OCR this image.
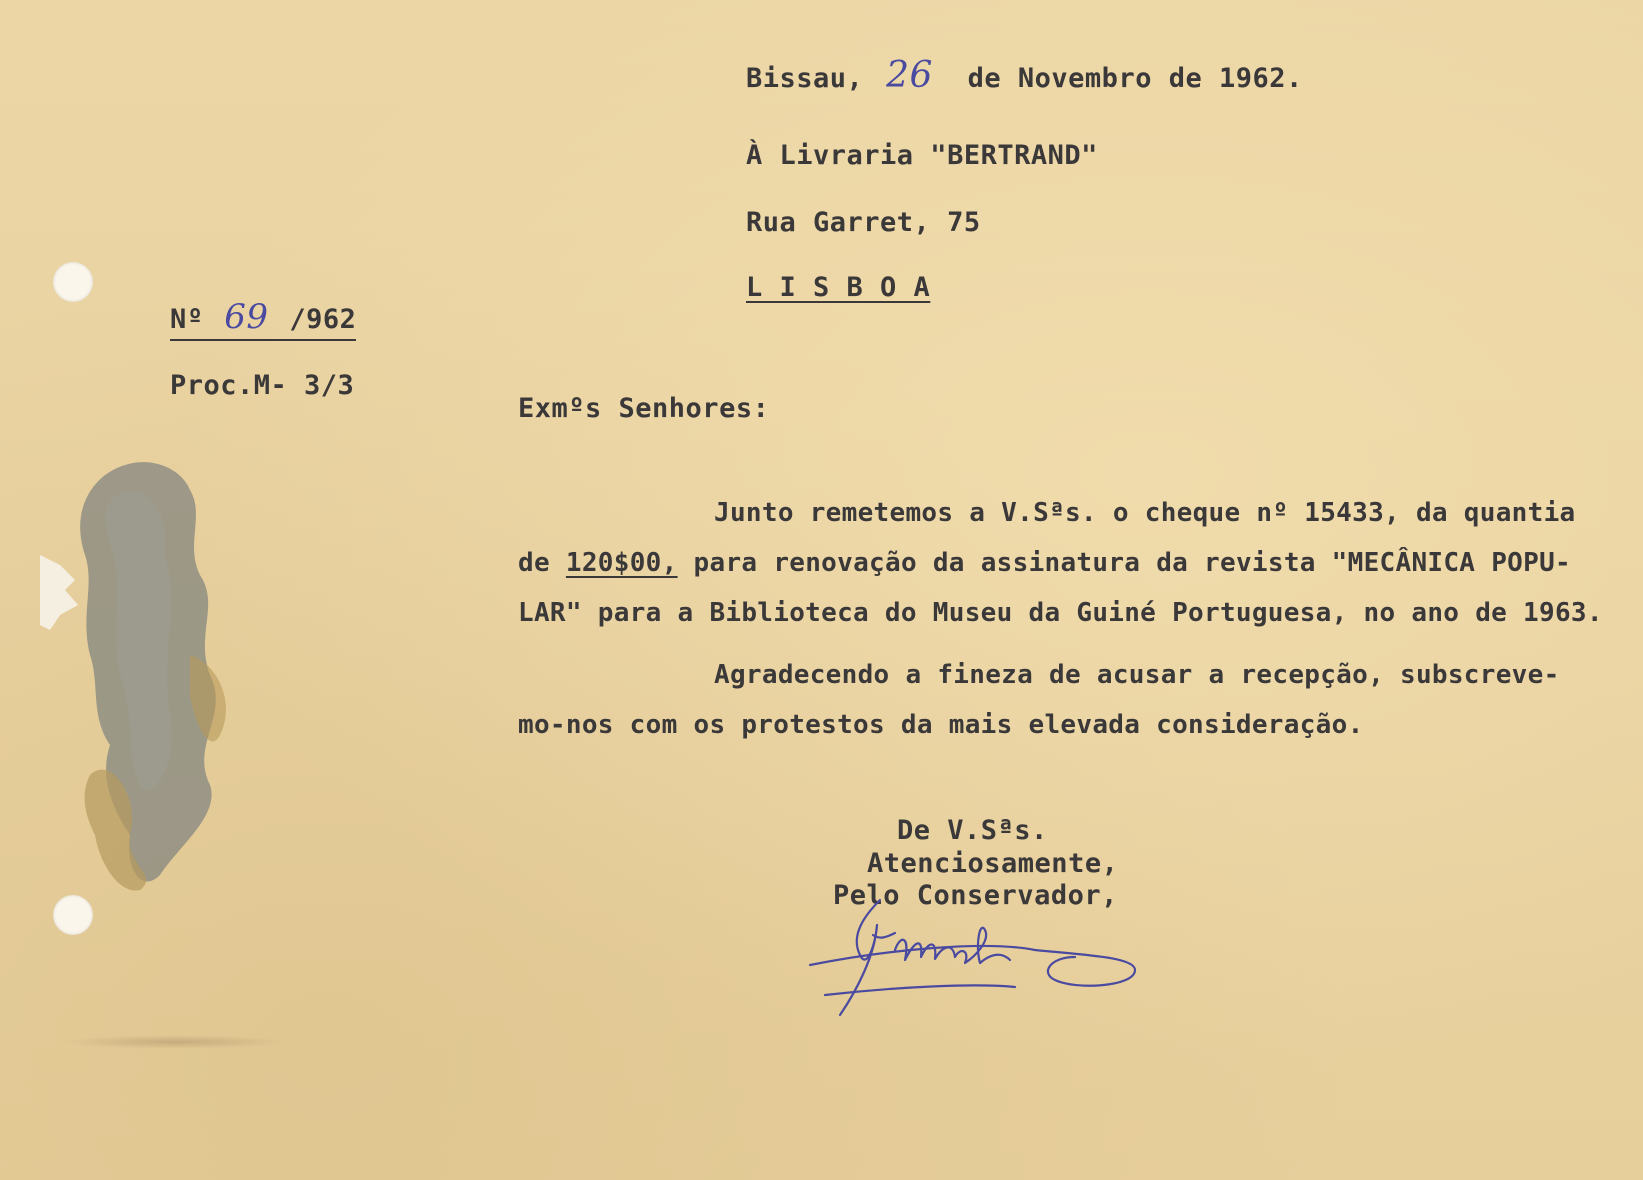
Bissau, 26 de Novembro de 1962.
À Livraria "BERTRAND"
Rua Garret, 75
L I S B O A
Nº 69 /962
Proc.M- 3/3
Exmºs Senhores:
Junto remetemos a V.Sªs. o cheque nº 15433, da quantia
de 120$00, para renovação da assinatura da revista "MECÂNICA POPU-
LAR" para a Biblioteca do Museu da Guiné Portuguesa, no ano de 1963.
Agradecendo a fineza de acusar a recepção, subscreve-
mo-nos com os protestos da mais elevada consideração.
De V.Sªs.
Atenciosamente,
Pelo Conservador,
